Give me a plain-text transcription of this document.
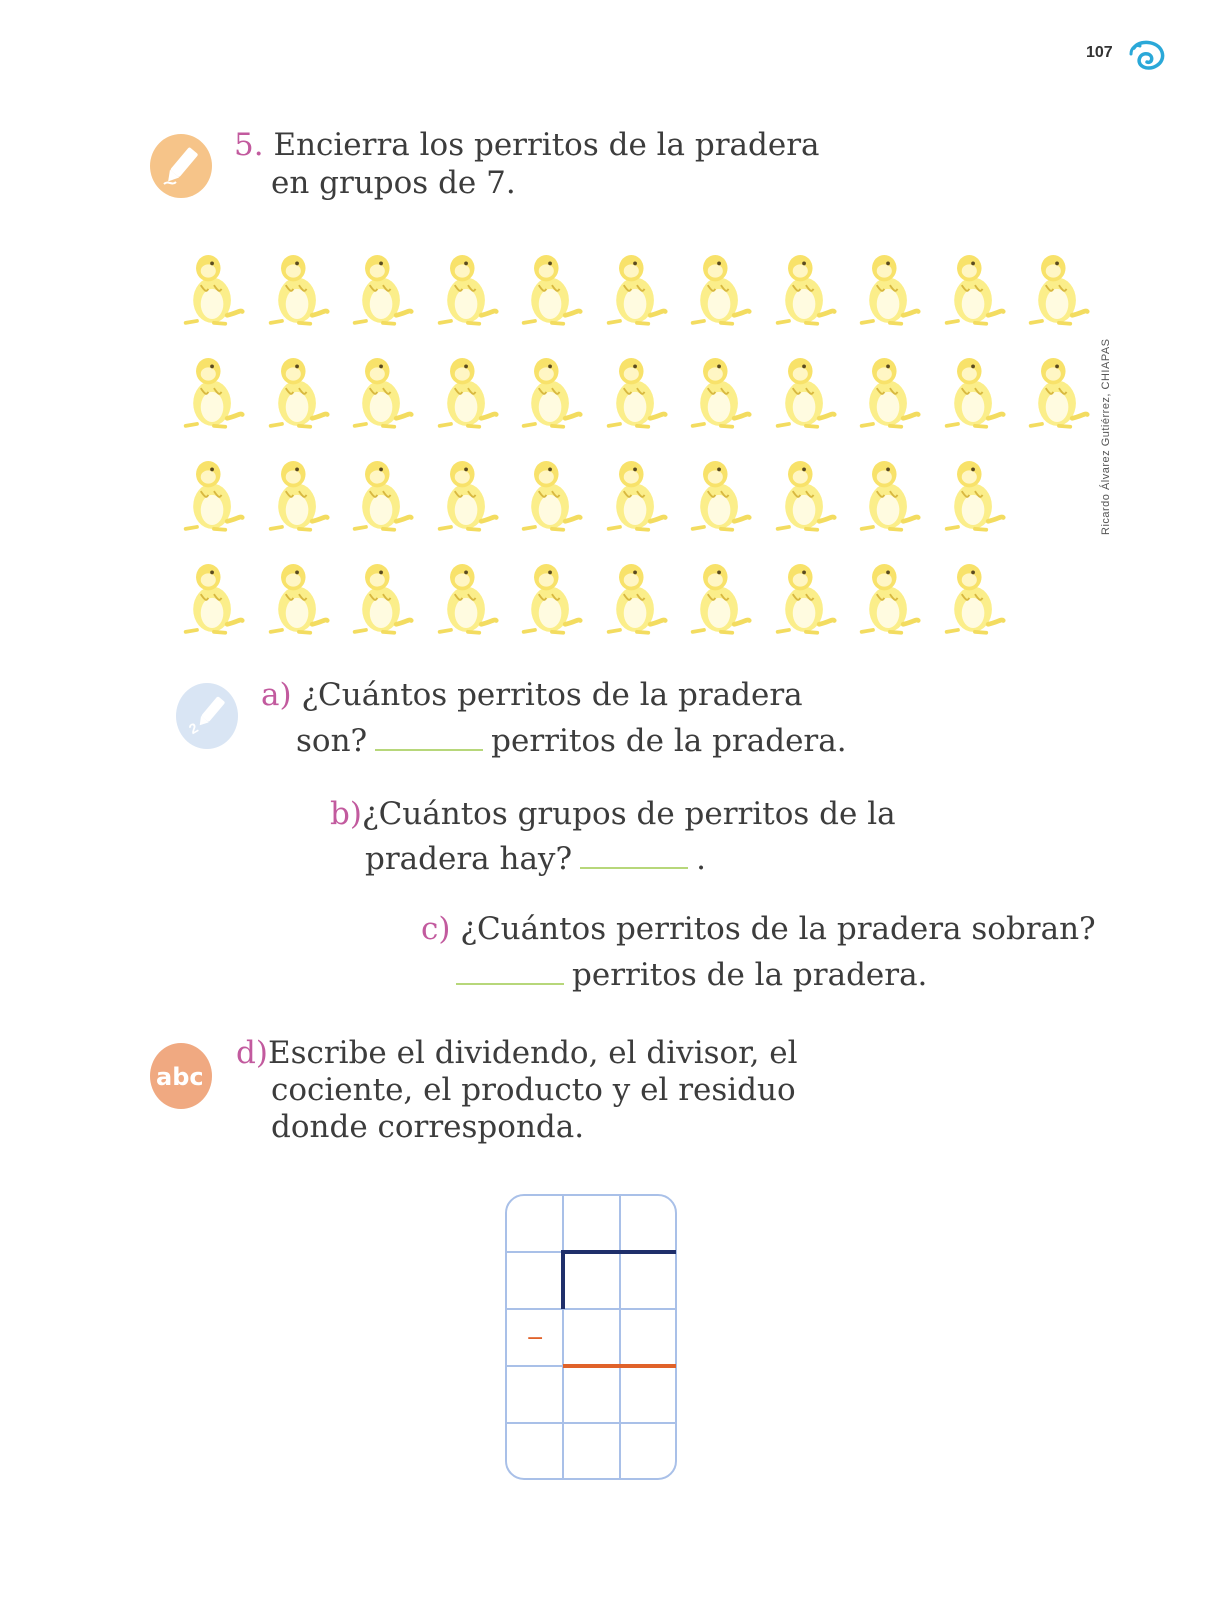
107
5. Encierra los perritos de la pradera
en grupos de 7.
Ricardo Álvarez Gutiérrez, CHIAPAS
2
a) ¿Cuántos perritos de la pradera
son?	perritos de la pradera.
b)¿Cuántos grupos de perritos de la
pradera hay?	.
c) ¿Cuántos perritos de la pradera sobran?
perritos de la pradera.
abc
d)Escribe el dividendo, el divisor, el
cociente, el producto y el residuo
donde corresponda.
−
